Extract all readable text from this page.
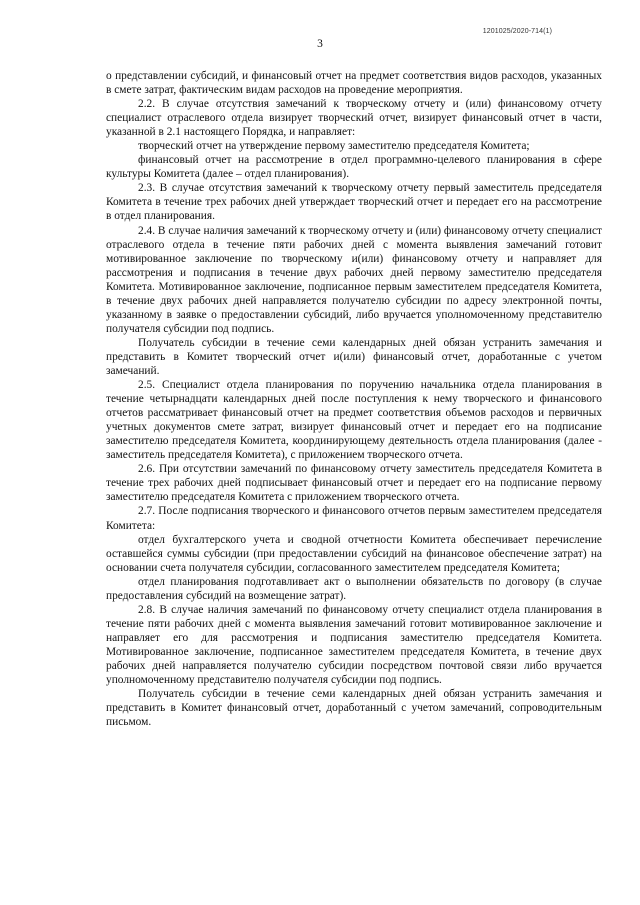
1201025/2020-714(1)
3

о представлении субсидий, и финансовый отчет на предмет соответствия видов расходов, указанных в смете затрат, фактическим видам расходов на проведение мероприятия.

2.2. В случае отсутствия замечаний к творческому отчету и (или) финансовому отчету специалист отраслевого отдела визирует творческий отчет, визирует финансовый отчет в части, указанной в 2.1 настоящего Порядка, и направляет:

творческий отчет на утверждение первому заместителю председателя Комитета;

финансовый отчет на рассмотрение в отдел программно-целевого планирования в сфере культуры Комитета (далее – отдел планирования).

2.3. В случае отсутствия замечаний к творческому отчету первый заместитель председателя Комитета в течение трех рабочих дней утверждает творческий отчет и передает его на рассмотрение в отдел планирования.

2.4. В случае наличия замечаний к творческому отчету и (или) финансовому отчету специалист отраслевого отдела в течение пяти рабочих дней с момента выявления замечаний готовит мотивированное заключение по творческому и(или) финансовому отчету и направляет для рассмотрения и подписания в течение двух рабочих дней первому заместителю председателя Комитета. Мотивированное заключение, подписанное первым заместителем председателя Комитета, в течение двух рабочих дней направляется получателю субсидии по адресу электронной почты, указанному в заявке о предоставлении субсидий, либо вручается уполномоченному представителю получателя субсидии под подпись.

Получатель субсидии в течение семи календарных дней обязан устранить замечания и представить в Комитет творческий отчет и(или) финансовый отчет, доработанные с учетом замечаний.

2.5. Специалист отдела планирования по поручению начальника отдела планирования в течение четырнадцати календарных дней после поступления к нему творческого и финансового отчетов рассматривает финансовый отчет на предмет соответствия объемов расходов и первичных учетных документов смете затрат, визирует финансовый отчет и передает его на подписание заместителю председателя Комитета, координирующему деятельность отдела планирования (далее - заместитель председателя Комитета), с приложением творческого отчета.

2.6. При отсутствии замечаний по финансовому отчету заместитель председателя Комитета в течение трех рабочих дней подписывает финансовый отчет и передает его на подписание первому заместителю председателя Комитета с приложением творческого отчета.

2.7. После подписания творческого и финансового отчетов первым заместителем председателя Комитета:

отдел бухгалтерского учета и сводной отчетности Комитета обеспечивает перечисление оставшейся суммы субсидии (при предоставлении субсидий на финансовое обеспечение затрат) на основании счета получателя субсидии, согласованного заместителем председателя Комитета;

отдел планирования подготавливает акт о выполнении обязательств по договору (в случае предоставления субсидий на возмещение затрат).

2.8. В случае наличия замечаний по финансовому отчету специалист отдела планирования в течение пяти рабочих дней с момента выявления замечаний готовит мотивированное заключение и направляет его для рассмотрения и подписания заместителю председателя Комитета. Мотивированное заключение, подписанное заместителем председателя Комитета, в течение двух рабочих дней направляется получателю субсидии посредством почтовой связи либо вручается уполномоченному представителю получателя субсидии под подпись.

Получатель субсидии в течение семи календарных дней обязан устранить замечания и представить в Комитет финансовый отчет, доработанный с учетом замечаний, сопроводительным письмом.
